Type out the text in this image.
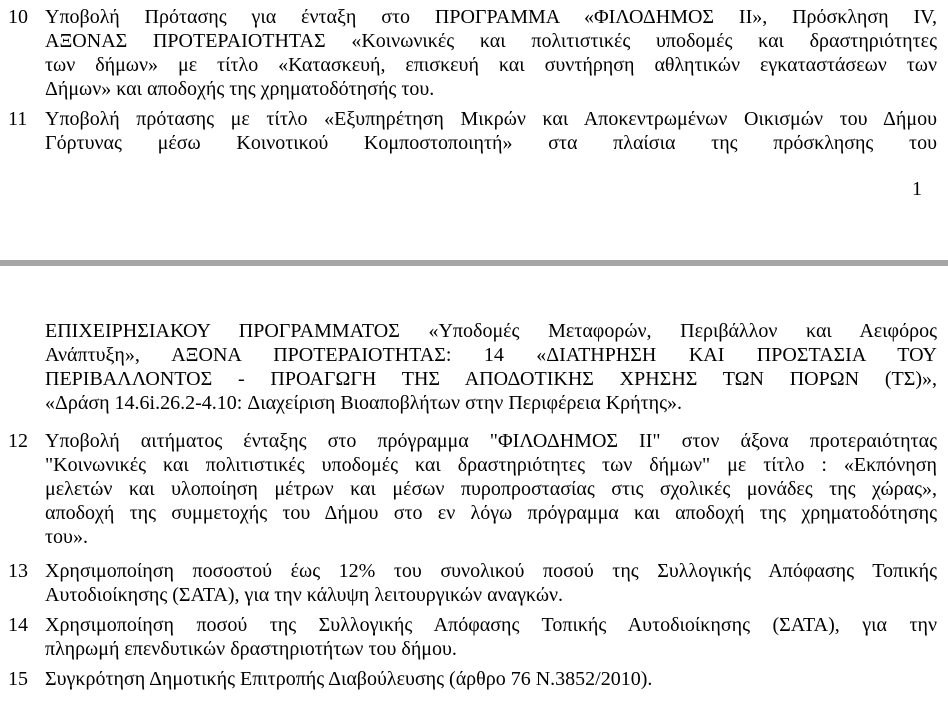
10 Υποβολή Πρότασης για ένταξη στο ΠΡΟΓΡΑΜΜΑ «ΦΙΛΟΔΗΜΟΣ ΙΙ», Πρόσκληση IV,
ΑΞΟΝΑΣ ΠΡΟΤΕΡΑΙΟΤΗΤΑΣ «Κοινωνικές και πολιτιστικές υποδομές και δραστηριότητες
των δήμων» με τίτλο «Κατασκευή, επισκευή και συντήρηση αθλητικών εγκαταστάσεων των
Δήμων» και αποδοχής της χρηματοδότησής του.
11 Υποβολή πρότασης με τίτλο «Εξυπηρέτηση Μικρών και Αποκεντρωμένων Οικισμών του Δήμου
Γόρτυνας μέσω Κοινοτικού Κομποστοποιητή» στα πλαίσια της πρόσκλησης του
1
ΕΠΙΧΕΙΡΗΣΙΑΚΟΥ ΠΡΟΓΡΑΜΜΑΤΟΣ «Υποδομές Μεταφορών, Περιβάλλον και Αειφόρος
Ανάπτυξη», ΑΞΟΝΑ ΠΡΟΤΕΡΑΙΟΤΗΤΑΣ: 14 «ΔΙΑΤΗΡΗΣΗ ΚΑΙ ΠΡΟΣΤΑΣΙΑ ΤΟΥ
ΠΕΡΙΒΑΛΛΟΝΤΟΣ - ΠΡΟΑΓΩΓΗ ΤΗΣ ΑΠΟΔΟΤΙΚΗΣ ΧΡΗΣΗΣ ΤΩΝ ΠΟΡΩΝ (ΤΣ)»,
«Δράση 14.6i.26.2-4.10: Διαχείριση Βιοαποβλήτων στην Περιφέρεια Κρήτης».
12 Υποβολή αιτήματος ένταξης στο πρόγραμμα "ΦΙΛΟΔΗΜΟΣ ΙΙ" στον άξονα προτεραιότητας
"Κοινωνικές και πολιτιστικές υποδομές και δραστηριότητες των δήμων" με τίτλο : «Εκπόνηση
μελετών και υλοποίηση μέτρων και μέσων πυροπροστασίας στις σχολικές μονάδες της χώρας»,
αποδοχή της συμμετοχής του Δήμου στο εν λόγω πρόγραμμα και αποδοχή της χρηματοδότησης
του».
13 Χρησιμοποίηση ποσοστού έως 12% του συνολικού ποσού της Συλλογικής Απόφασης Τοπικής
Αυτοδιοίκησης (ΣΑΤΑ), για την κάλυψη λειτουργικών αναγκών.
14 Χρησιμοποίηση ποσού της Συλλογικής Απόφασης Τοπικής Αυτοδιοίκησης (ΣΑΤΑ), για την
πληρωμή επενδυτικών δραστηριοτήτων του δήμου.
15 Συγκρότηση Δημοτικής Επιτροπής Διαβούλευσης (άρθρο 76 Ν.3852/2010).
